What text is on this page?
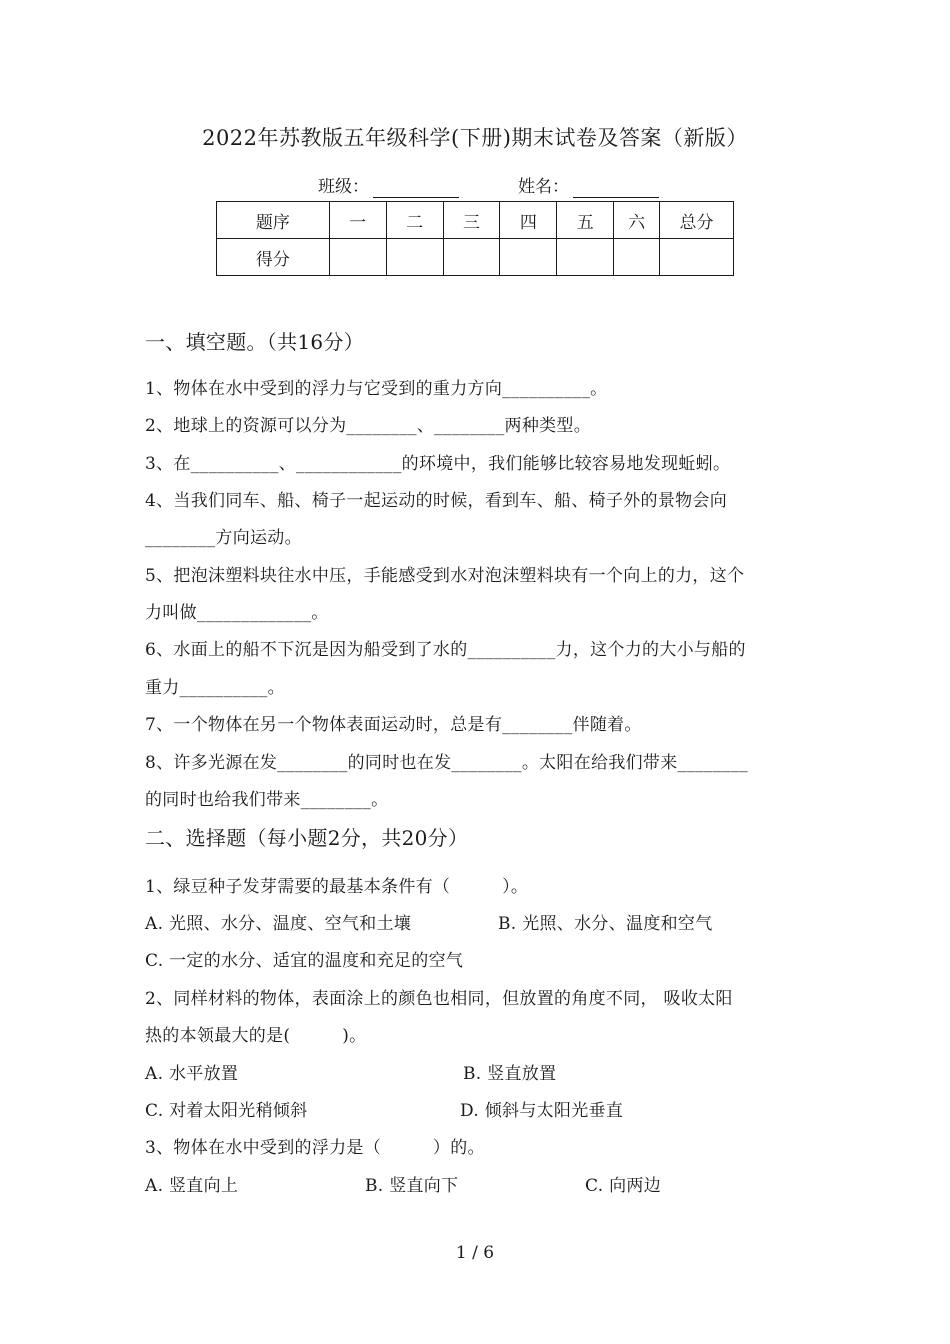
2022年苏教版五年级科学(下册)期末试卷及答案（新版）
班级：	姓名：
题序	一	二	三	四	五	六	总分
得分							
一、填空题。（共16分）
1、物体在水中受到的浮力与它受到的重力方向__________。
2、地球上的资源可以分为________、________两种类型。
3、在__________、____________的环境中，我们能够比较容易地发现蚯蚓。
4、当我们同车、船、椅子一起运动的时候，看到车、船、椅子外的景物会向
________方向运动。
5、把泡沫塑料块往水中压，手能感受到水对泡沫塑料块有一个向上的力，这个
力叫做_____________。
6、水面上的船不下沉是因为船受到了水的__________力，这个力的大小与船的
重力__________。
7、一个物体在另一个物体表面运动时，总是有________伴随着。
8、许多光源在发________的同时也在发________。太阳在给我们带来________
的同时也给我们带来________。
二、选择题（每小题2分，共20分）
1、绿豆种子发芽需要的最基本条件有（　　　）。
A. 光照、水分、温度、空气和土壤	B. 光照、水分、温度和空气
C. 一定的水分、适宜的温度和充足的空气
2、同样材料的物体，表面涂上的颜色也相同，但放置的角度不同， 吸收太阳
热的本领最大的是(　　　)。
A. 水平放置	B. 竖直放置
C. 对着太阳光稍倾斜	D. 倾斜与太阳光垂直
3、物体在水中受到的浮力是（　　　）的。
A. 竖直向上	B. 竖直向下	C. 向两边
1 / 6
